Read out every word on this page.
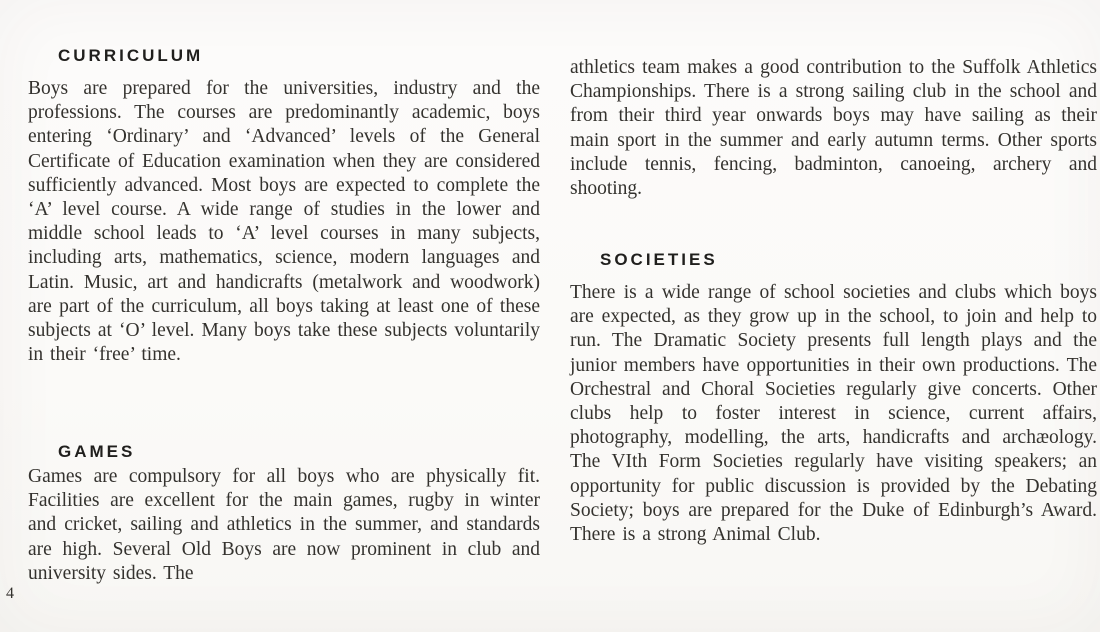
CURRICULUM

Boys are prepared for the universities, industry and the professions. The courses are predominantly academic, boys entering ‘Ordinary’ and ‘Advanced’ levels of the General Certificate of Education examination when they are considered sufficiently advanced. Most boys are expected to complete the ‘A’ level course. A wide range of studies in the lower and middle school leads to ‘A’ level courses in many subjects, including arts, mathematics, science, modern languages and Latin. Music, art and handicrafts (metalwork and woodwork) are part of the curriculum, all boys taking at least one of these subjects at ‘O’ level. Many boys take these subjects voluntarily in their ‘free’ time.

GAMES

Games are compulsory for all boys who are physically fit. Facilities are excellent for the main games, rugby in winter and cricket, sailing and athletics in the summer, and standards are high. Several Old Boys are now prominent in club and university sides. The

athletics team makes a good contribution to the Suffolk Athletics Championships. There is a strong sailing club in the school and from their third year onwards boys may have sailing as their main sport in the summer and early autumn terms. Other sports include tennis, fencing, badminton, canoeing, archery and shooting.

SOCIETIES

There is a wide range of school societies and clubs which boys are expected, as they grow up in the school, to join and help to run. The Dramatic Society presents full length plays and the junior members have opportunities in their own productions. The Orchestral and Choral Societies regularly give concerts. Other clubs help to foster interest in science, current affairs, photography, modelling, the arts, handicrafts and archæology. The VIth Form Societies regularly have visiting speakers; an opportunity for public discussion is provided by the Debating Society; boys are prepared for the Duke of Edinburgh’s Award. There is a strong Animal Club.

4
